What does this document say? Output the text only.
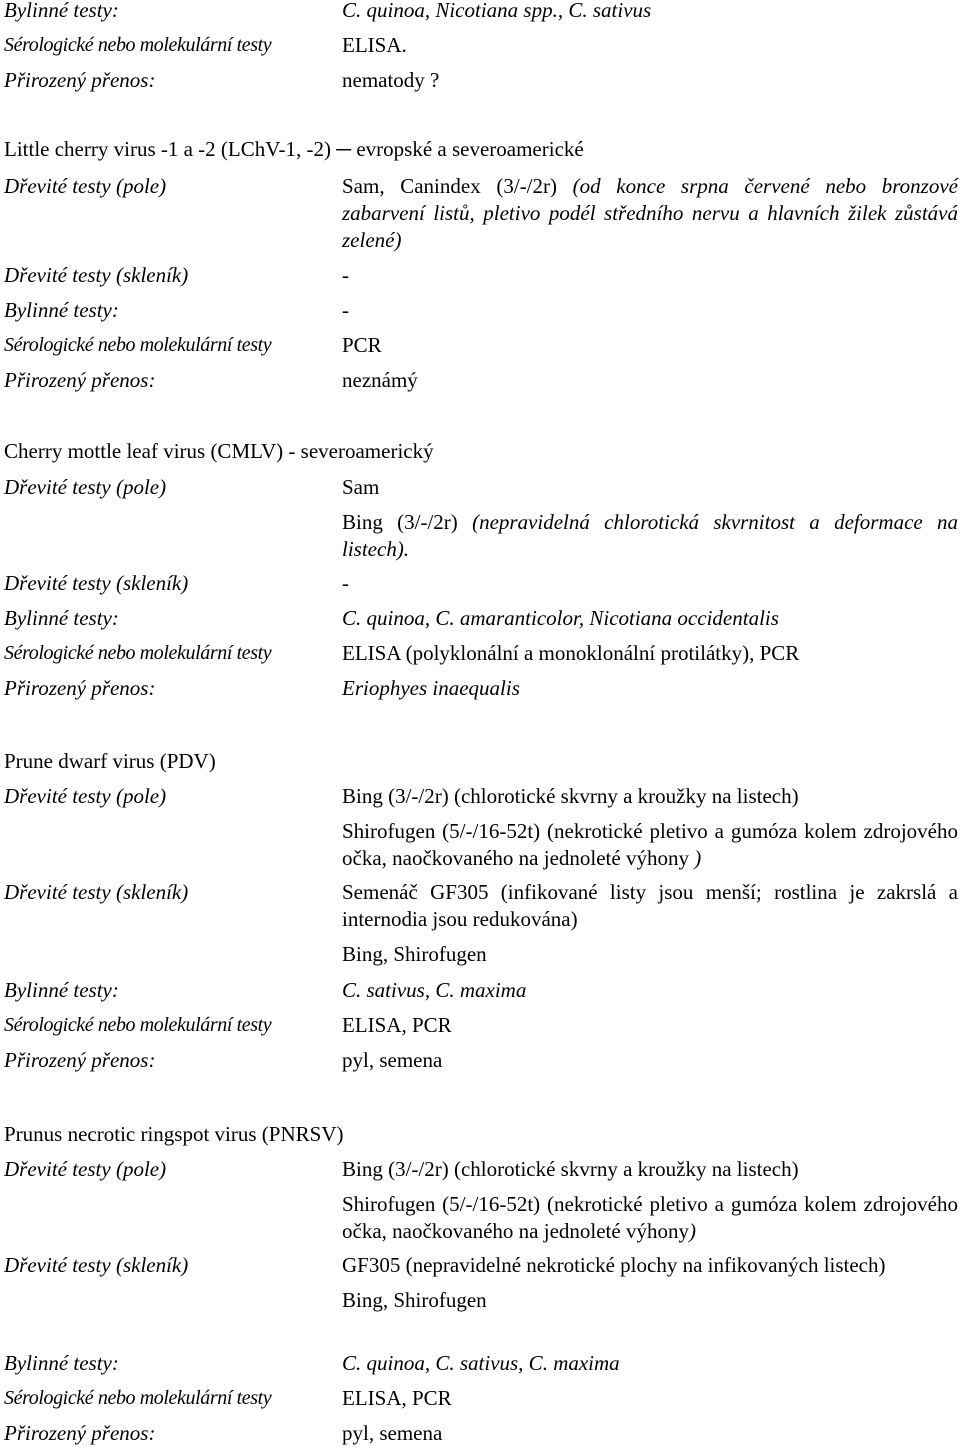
Bylinné testy:	C. quinoa, Nicotiana spp., C. sativus
Sérologické nebo molekulární testy	ELISA.
Přirozený přenos:	nematody ?
Little cherry virus -1 a -2 (LChV-1, -2) ─ evropské a severoamerické
Dřevité testy (pole)	Sam, Canindex (3/-/2r) (od konce srpna červené nebo bronzové zabarvení listů, pletivo podél středního nervu a hlavních žilek zůstává zelené)
Dřevité testy (skleník)	-
Bylinné testy:	-
Sérologické nebo molekulární testy	PCR
Přirozený přenos:	neznámý
Cherry mottle leaf virus (CMLV) - severoamerický
Dřevité testy (pole)	Sam
Bing (3/-/2r) (nepravidelná chlorotická skvrnitost a deformace na listech).
Dřevité testy (skleník)	-
Bylinné testy:	C. quinoa, C. amaranticolor, Nicotiana occidentalis
Sérologické nebo molekulární testy	ELISA (polyklonální a monoklonální protilátky), PCR
Přirozený přenos:	Eriophyes inaequalis
Prune dwarf virus (PDV)
Dřevité testy (pole)	Bing (3/-/2r) (chlorotické skvrny a kroužky na listech)
Shirofugen (5/-/16-52t) (nekrotické pletivo a gumóza kolem zdrojového očka, naočkovaného na jednoleté výhony )
Dřevité testy (skleník)	Semenáč GF305 (infikované listy jsou menší; rostlina je zakrslá a internodia jsou redukována)
Bing, Shirofugen
Bylinné testy:	C. sativus, C. maxima
Sérologické nebo molekulární testy	ELISA, PCR
Přirozený přenos:	pyl, semena
Prunus necrotic ringspot virus (PNRSV)
Dřevité testy (pole)	Bing (3/-/2r) (chlorotické skvrny a kroužky na listech)
Shirofugen (5/-/16-52t) (nekrotické pletivo a gumóza kolem zdrojového očka, naočkovaného na jednoleté výhony)
Dřevité testy (skleník)	GF305 (nepravidelné nekrotické plochy na infikovaných listech)
Bing, Shirofugen
Bylinné testy:	C. quinoa, C. sativus, C. maxima
Sérologické nebo molekulární testy	ELISA, PCR
Přirozený přenos:	pyl, semena
